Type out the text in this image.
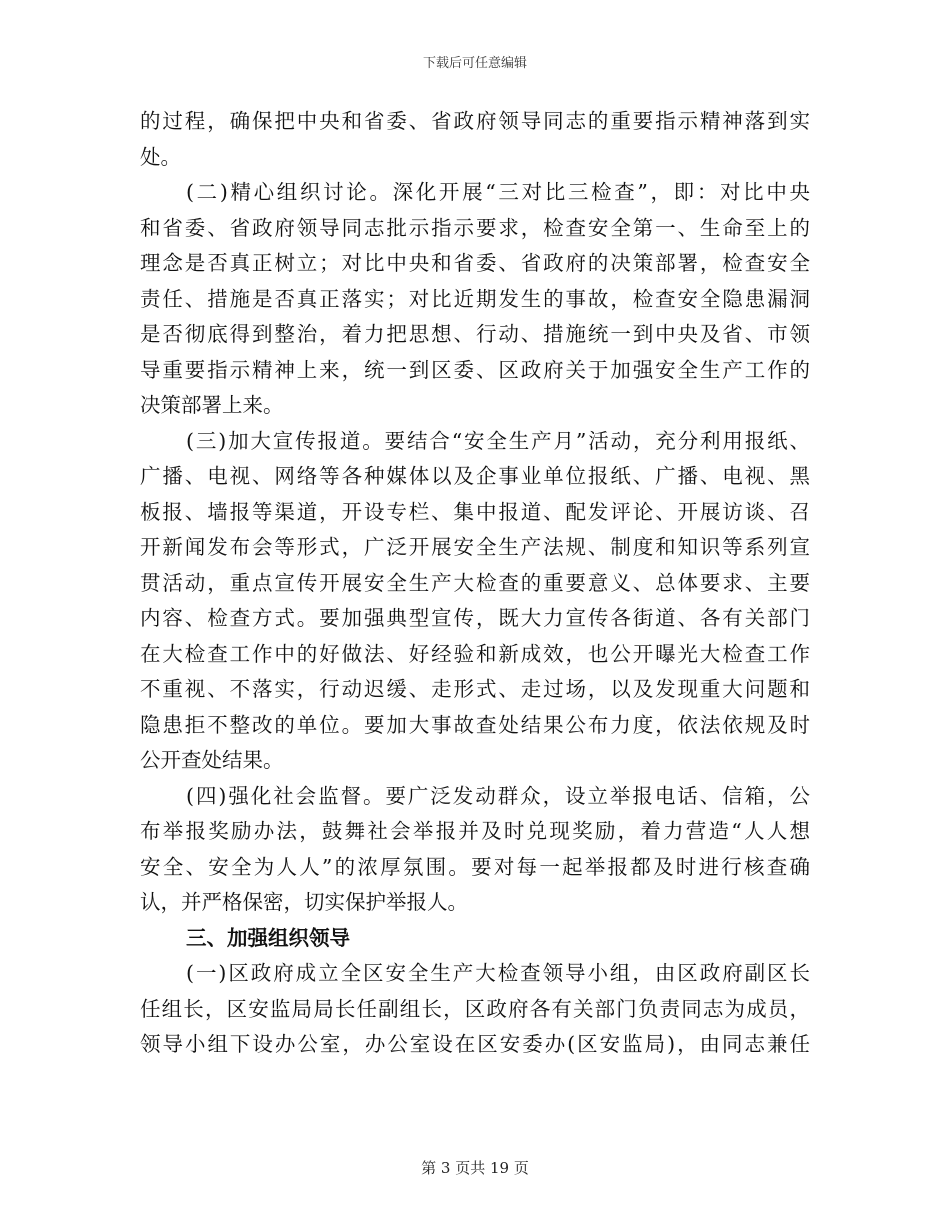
下载后可任意编辑
的过程，确保把中央和省委、省政府领导同志的重要指示精神落到实
处。
(二)精心组织讨论。深化开展“三对比三检查”，即：对比中央
和省委、省政府领导同志批示指示要求，检查安全第一、生命至上的
理念是否真正树立；对比中央和省委、省政府的决策部署，检查安全
责任、措施是否真正落实；对比近期发生的事故，检查安全隐患漏洞
是否彻底得到整治，着力把思想、行动、措施统一到中央及省、市领
导重要指示精神上来，统一到区委、区政府关于加强安全生产工作的
决策部署上来。
(三)加大宣传报道。要结合“安全生产月”活动，充分利用报纸、
广播、电视、网络等各种媒体以及企事业单位报纸、广播、电视、黑
板报、墙报等渠道，开设专栏、集中报道、配发评论、开展访谈、召
开新闻发布会等形式，广泛开展安全生产法规、制度和知识等系列宣
贯活动，重点宣传开展安全生产大检查的重要意义、总体要求、主要
内容、检查方式。要加强典型宣传，既大力宣传各街道、各有关部门
在大检查工作中的好做法、好经验和新成效，也公开曝光大检查工作
不重视、不落实，行动迟缓、走形式、走过场，以及发现重大问题和
隐患拒不整改的单位。要加大事故查处结果公布力度，依法依规及时
公开查处结果。
(四)强化社会监督。要广泛发动群众，设立举报电话、信箱，公
布举报奖励办法，鼓舞社会举报并及时兑现奖励，着力营造“人人想
安全、安全为人人”的浓厚氛围。要对每一起举报都及时进行核查确
认，并严格保密，切实保护举报人。
三、加强组织领导
(一)区政府成立全区安全生产大检查领导小组，由区政府副区长
任组长，区安监局局长任副组长，区政府各有关部门负责同志为成员，
领导小组下设办公室，办公室设在区安委办(区安监局)，由同志兼任
第 3 页共 19 页
